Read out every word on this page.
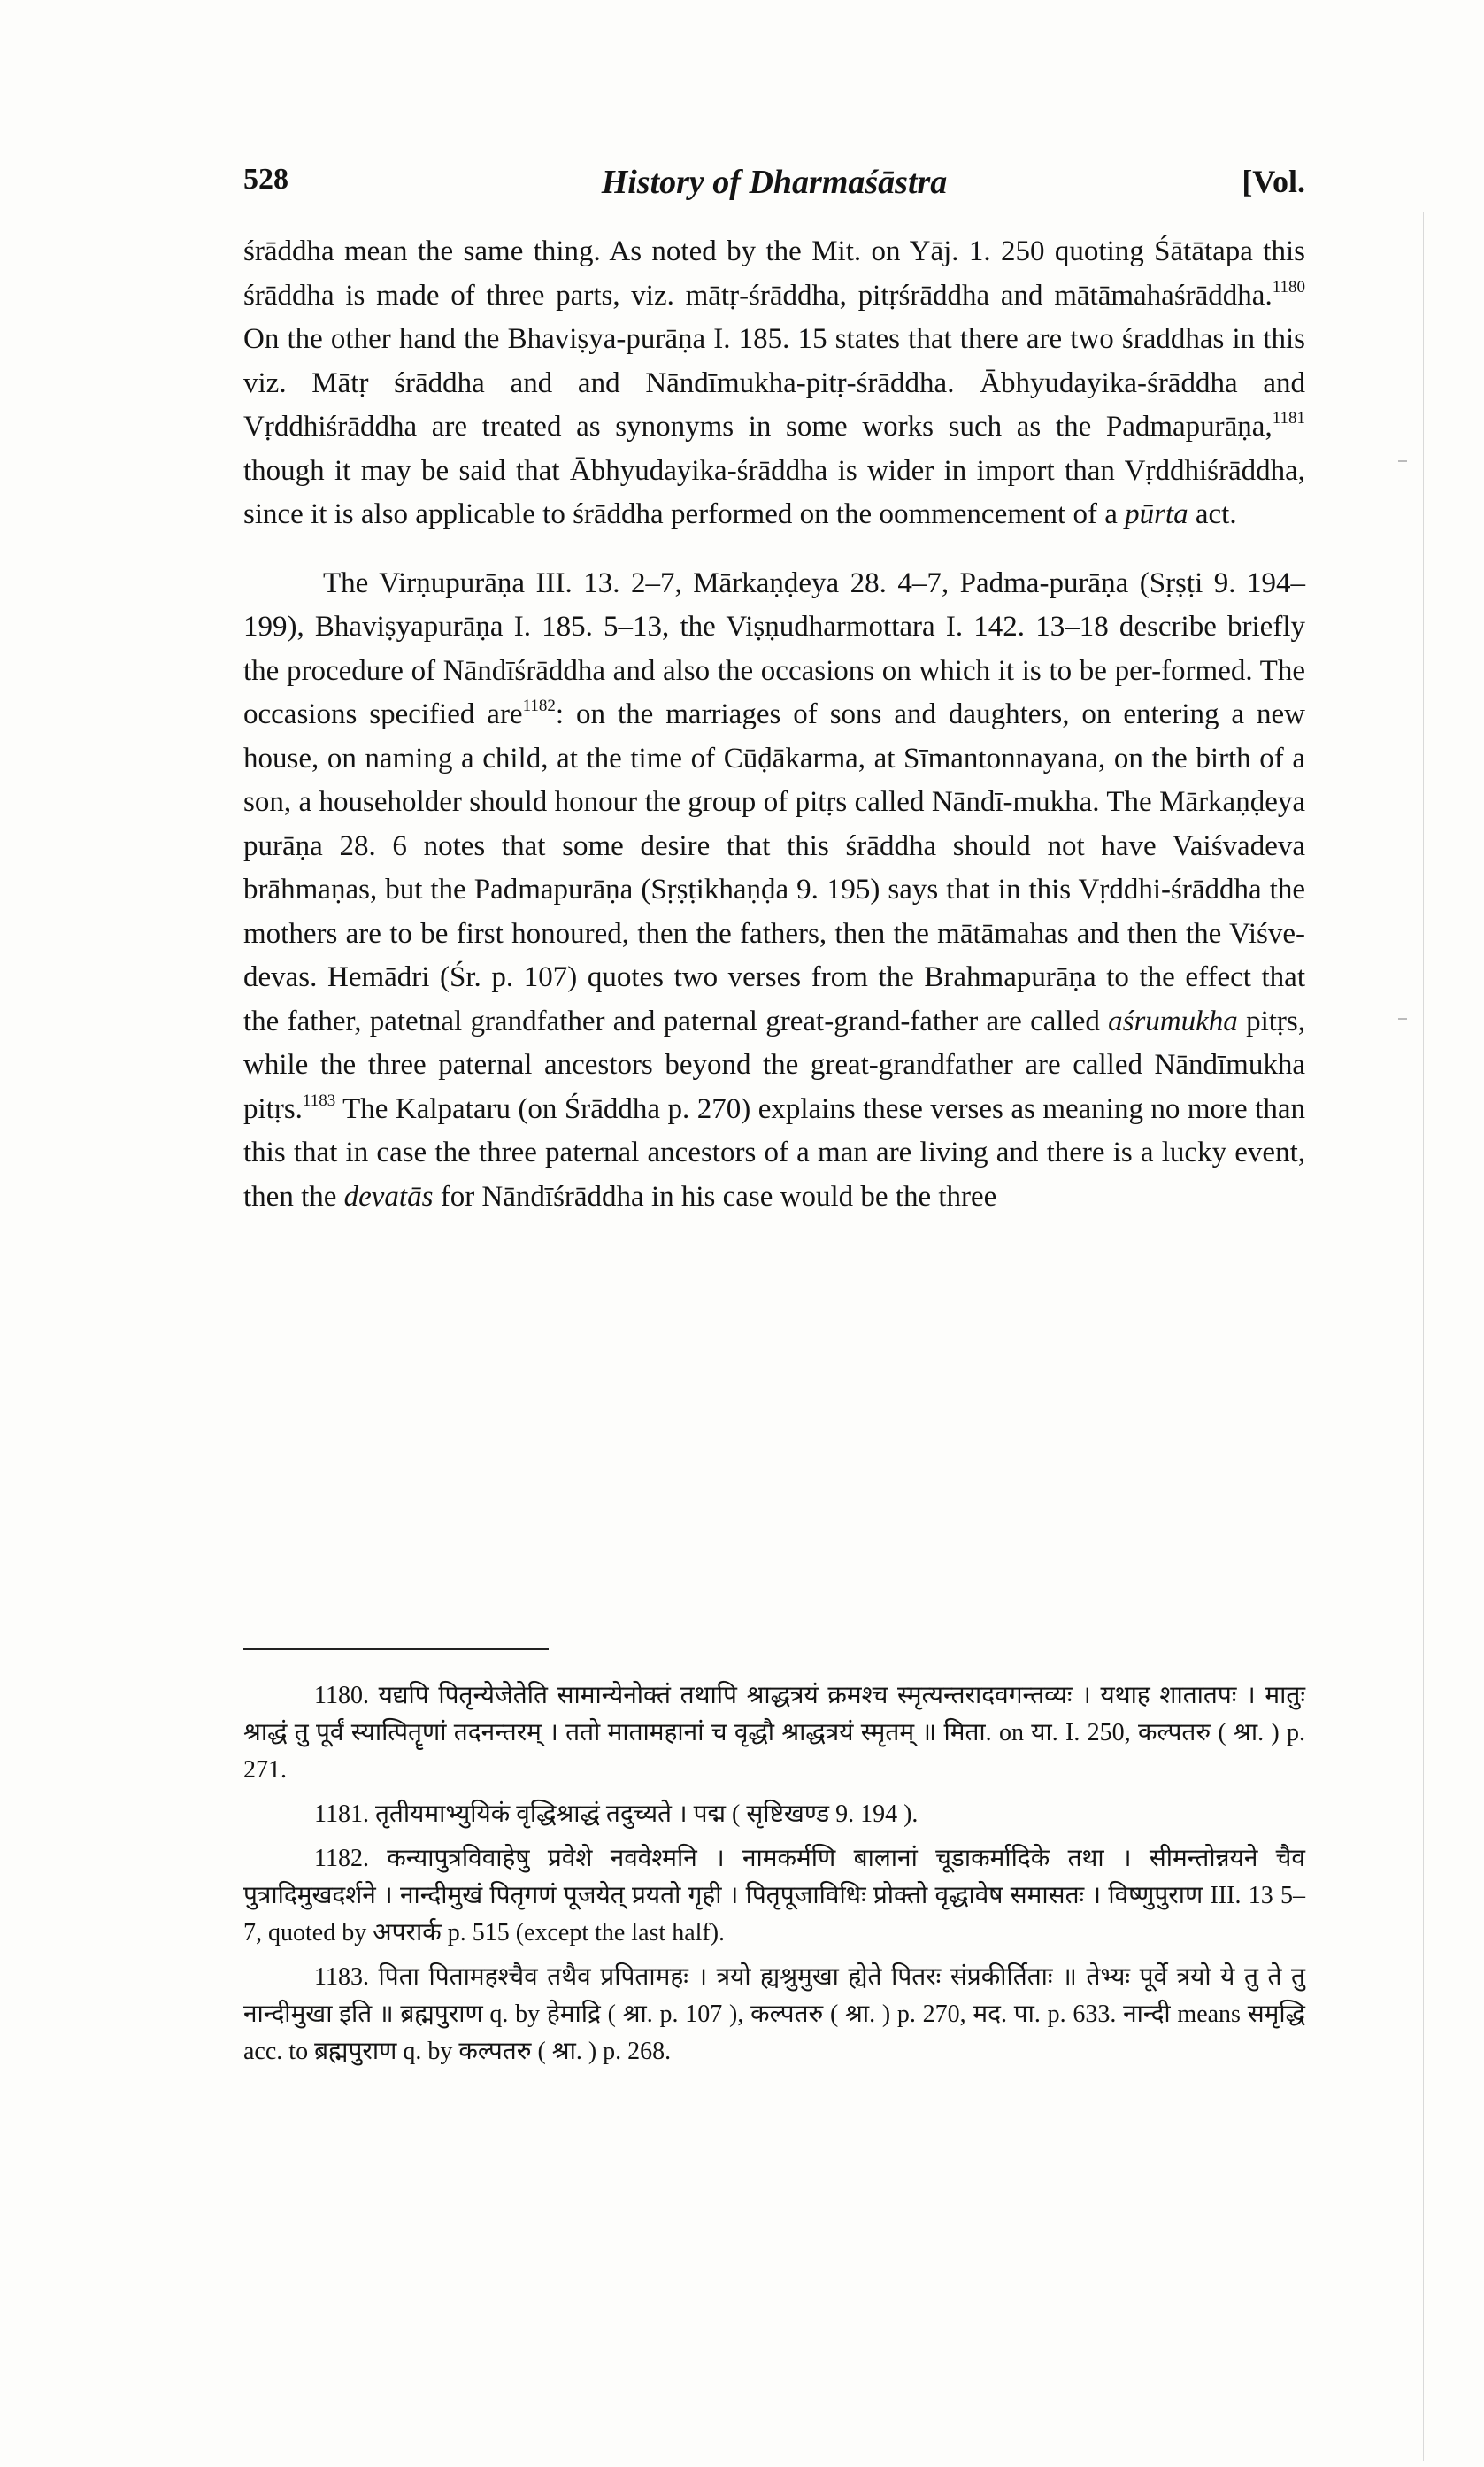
528	History of Dharmaśāstra	[Vol.

śrāddha mean the same thing. As noted by the Mit. on Yāj. 1. 250 quoting Śātātapa this śrāddha is made of three parts, viz. mātṛ-śrāddha, pitṛśrāddha and mātāmahaśrāddha.$^{1180}$ On the other hand the Bhaviṣya-purāṇa I. 185. 15 states that there are two śraddhas in this viz. Mātṛ śrāddha and and Nāndīmukha-pitṛ-śrāddha. Ābhyudayika-śrāddha and Vṛddhiśrāddha are treated as synonyms in some works such as the Padmapurāṇa,$^{1181}$ though it may be said that Ābhyudayika-śrāddha is wider in import than Vṛddhiśrāddha, since it is also applicable to śrāddha performed on the oommencement of a pūrta act.

The Virṇupurāṇa III. 13. 2–7, Mārkaṇḍeya 28. 4–7, Padma-purāṇa (Sṛṣṭi 9. 194–199), Bhaviṣyapurāṇa I. 185. 5–13, the Viṣṇudharmottara I. 142. 13–18 describe briefly the procedure of Nāndīśrāddha and also the occasions on which it is to be per-formed. The occasions specified are$^{1182}$: on the marriages of sons and daughters, on entering a new house, on naming a child, at the time of Cūḍākarma, at Sīmantonnayana, on the birth of a son, a householder should honour the group of pitṛs called Nāndī-mukha. The Mārkaṇḍeya purāṇa 28. 6 notes that some desire that this śrāddha should not have Vaiśvadeva brāhmaṇas, but the Padmapurāṇa (Sṛṣṭikhaṇḍa 9. 195) says that in this Vṛddhi-śrāddha the mothers are to be first honoured, then the fathers, then the mātāmahas and then the Viśve-devas. Hemādri (Śr. p. 107) quotes two verses from the Brahmapurāṇa to the effect that the father, patetnal grandfather and paternal great-grand-father are called aśrumukha pitṛs, while the three paternal ancestors beyond the great-grandfather are called Nāndīmukha pitṛs.$^{1183}$ The Kalpataru (on Śrāddha p. 270) explains these verses as meaning no more than this that in case the three paternal ancestors of a man are living and there is a lucky event, then the devatās for Nāndīśrāddha in his case would be the three

1180. यद्यपि पितृन्येजेतेति सामान्येनोक्तं तथापि श्राद्धत्रयं क्रमश्च स्मृत्यन्तरादवगन्तव्यः । यथाह शातातपः । मातुः श्राद्धं तु पूर्वं स्यात्पितॄणां तदनन्तरम् । ततो मातामहानां च वृद्धौ श्राद्धत्रयं स्मृतम् ॥ मिता. on या. I. 250, कल्पतरु ( श्रा. ) p. 271.

1181. तृतीयमाभ्युयिकं वृद्धिश्राद्धं तदुच्यते । पद्म ( सृष्टिखण्ड 9. 194 ).

1182. कन्यापुत्रविवाहेषु प्रवेशे नववेश्मनि । नामकर्मणि बालानां चूडाकर्मादिके तथा । सीमन्तोन्नयने चैव पुत्रादिमुखदर्शने । नान्दीमुखं पितृगणं पूजयेत् प्रयतो गृही । पितृपूजाविधिः प्रोक्तो वृद्धावेष समासतः । विष्णुपुराण III. 13 5–7, quoted by अपरार्क p. 515 (except the last half).

1183. पिता पितामहश्चैव तथैव प्रपितामहः । त्रयो ह्यश्रुमुखा ह्येते पितरः संप्रकीर्तिताः ॥ तेभ्यः पूर्वे त्रयो ये तु ते तु नान्दीमुखा इति ॥ ब्रह्मपुराण q. by हेमाद्रि ( श्रा. p. 107 ), कल्पतरु ( श्रा. ) p. 270, मद. पा. p. 633. नान्दी means समृद्धि acc. to ब्रह्मपुराण q. by कल्पतरु ( श्रा. ) p. 268.
